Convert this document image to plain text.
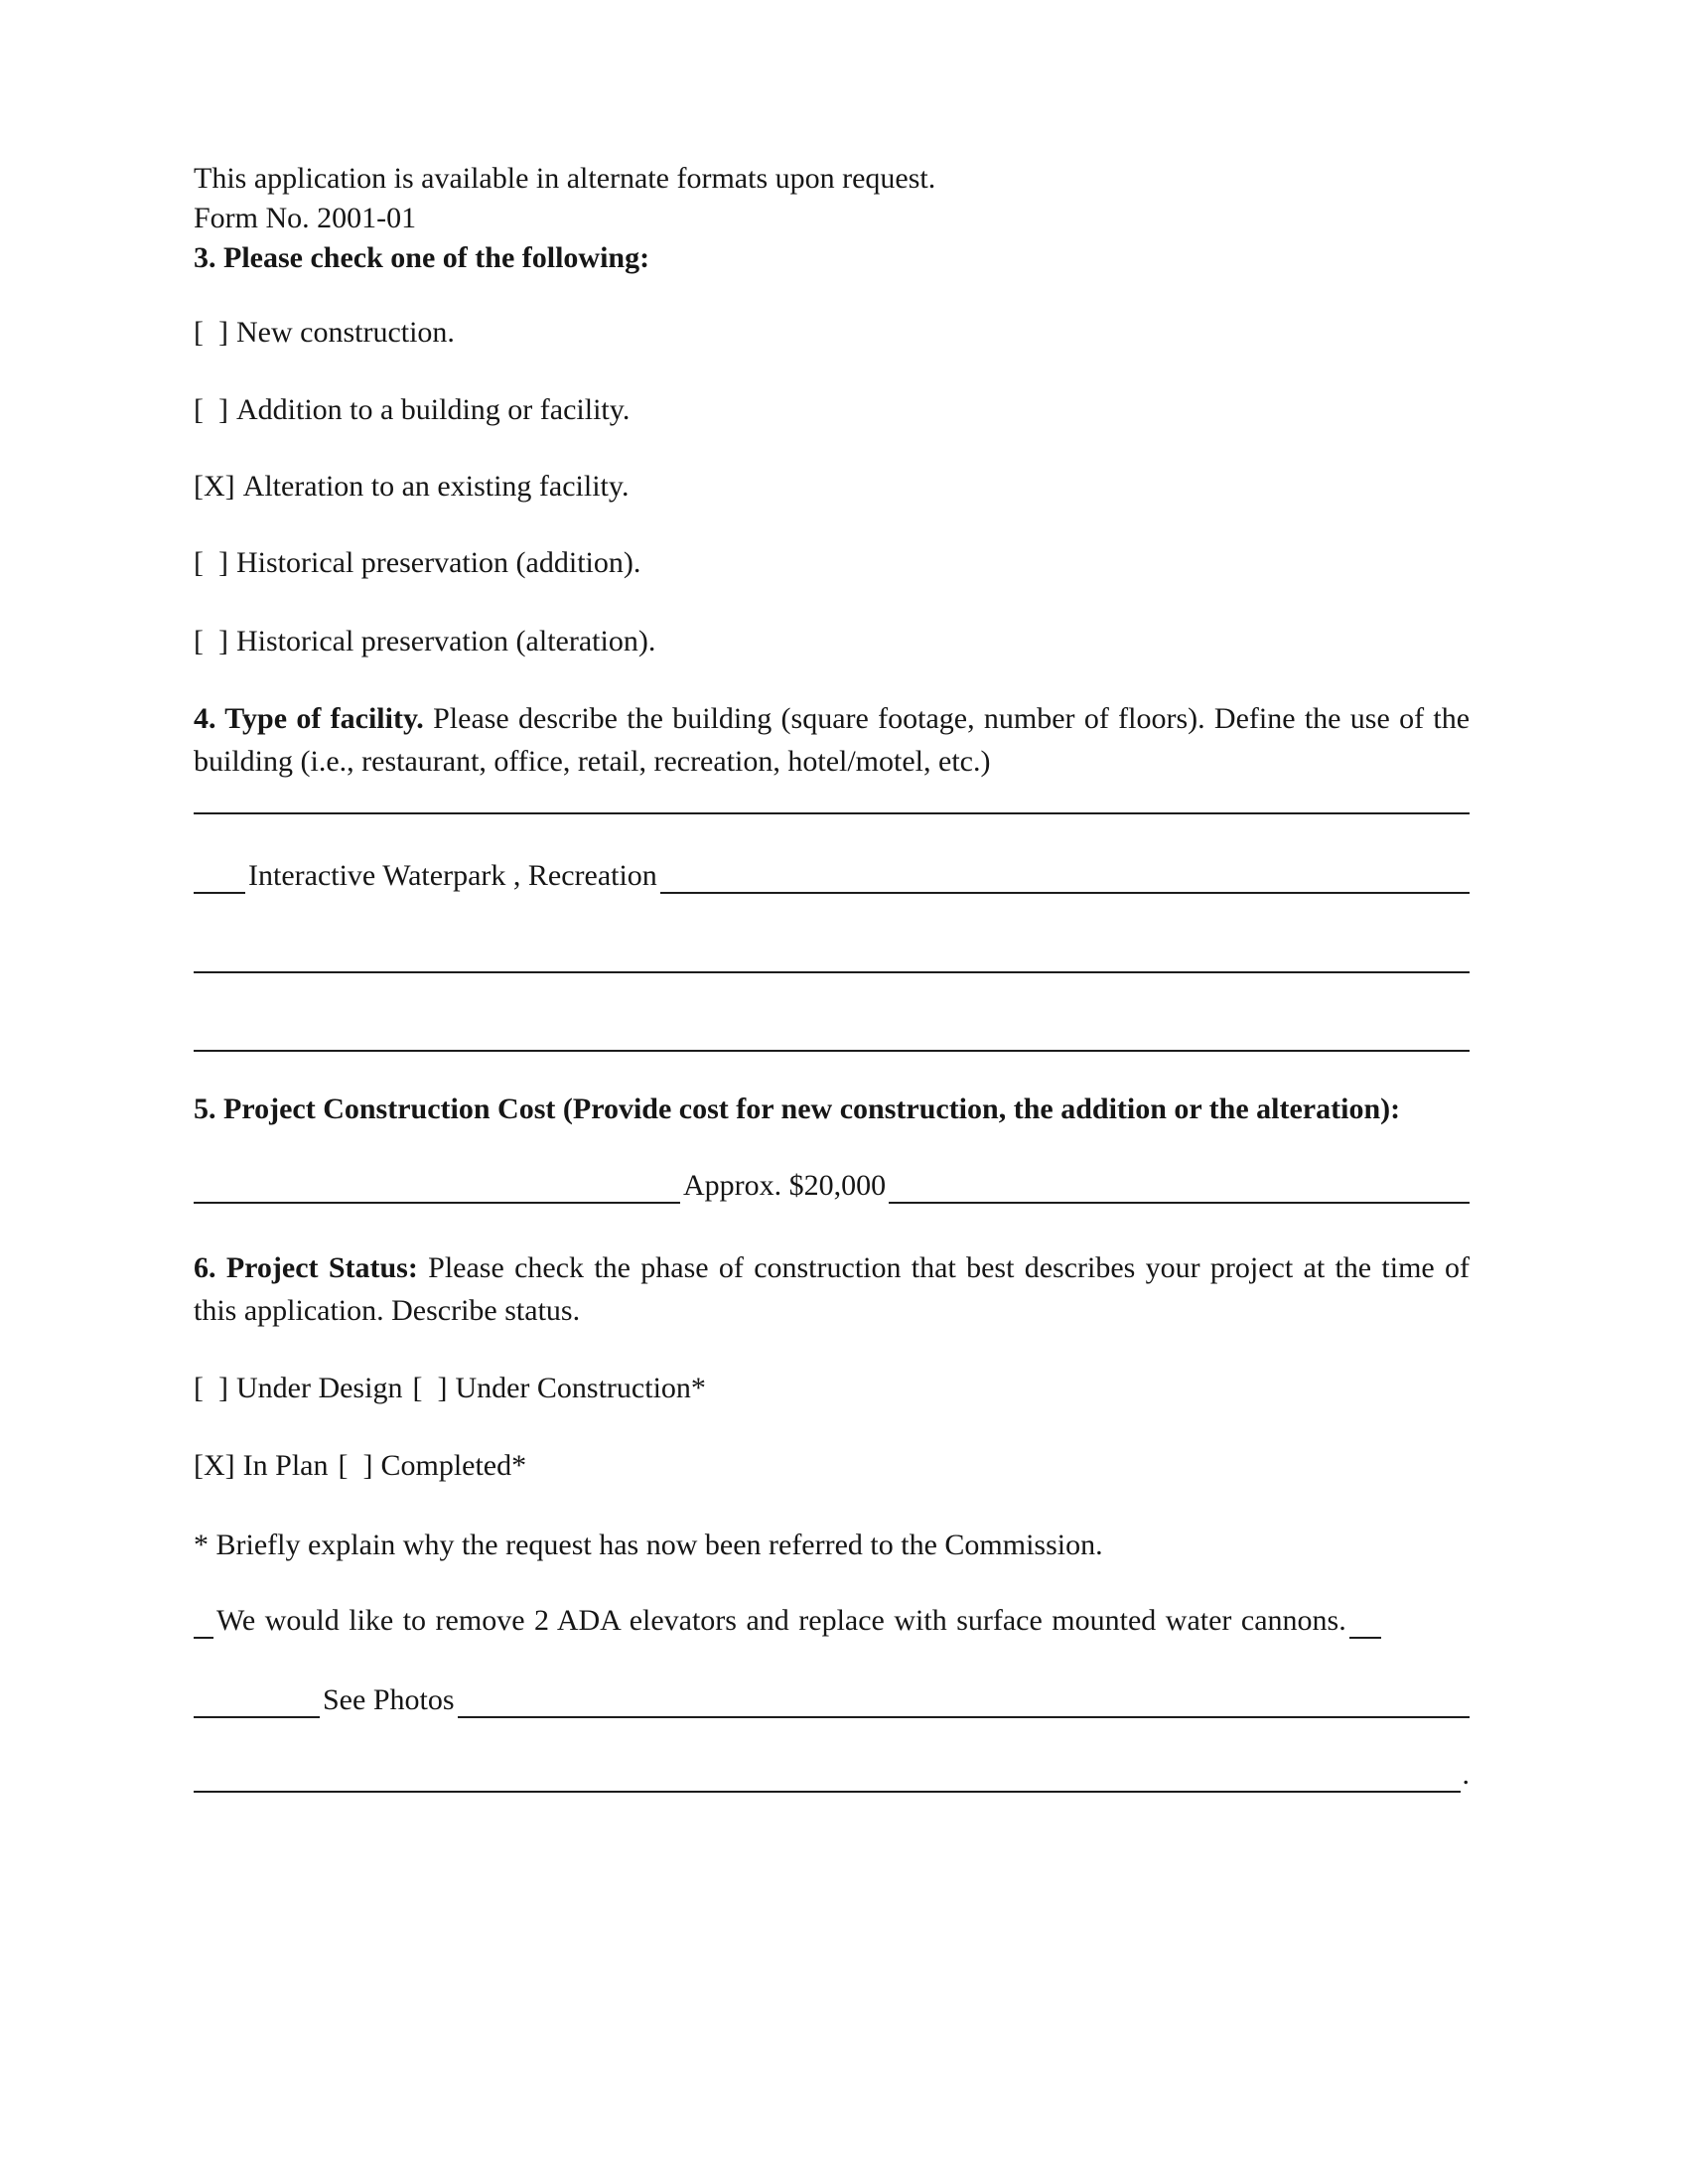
This application is available in alternate formats upon request.
Form No. 2001-01
3. Please check one of the following:
[  ] New construction.
[  ] Addition to a building or facility.
[X] Alteration to an existing facility.
[  ] Historical preservation (addition).
[  ] Historical preservation (alteration).
4. Type of facility. Please describe the building (square footage, number of floors). Define the use of the building (i.e., restaurant, office, retail, recreation, hotel/motel, etc.)
Interactive Waterpark , Recreation
5. Project Construction Cost (Provide cost for new construction, the addition or the alteration):
Approx. $20,000
6. Project Status: Please check the phase of construction that best describes your project at the time of this application. Describe status.
[  ] Under Design [  ] Under Construction*
[X] In Plan [  ] Completed*
* Briefly explain why the request has now been referred to the Commission.
We would like to remove 2 ADA elevators and replace with surface mounted water cannons.
See Photos
.
